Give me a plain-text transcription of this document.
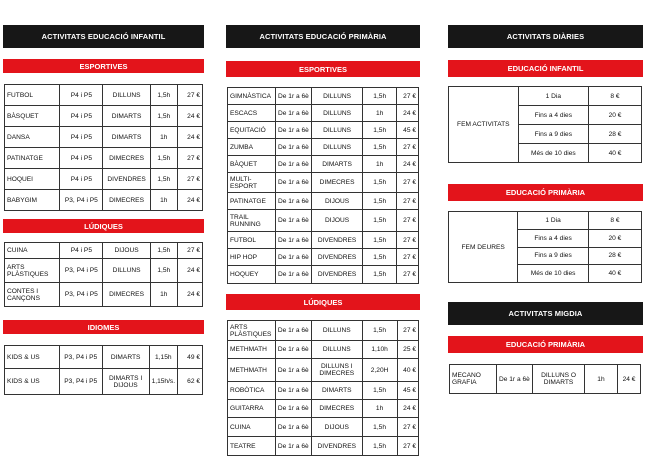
ACTIVITATS EDUCACIÓ INFANTIL
ESPORTIVES
FUTBOL	P4 i P5	DILLUNS	1,5h	27 €
BÀSQUET	P4 i P5	DIMARTS	1,5h	24 €
DANSA	P4 i P5	DIMARTS	1h	24 €
PATINATGE	P4 i P5	DIMECRES	1,5h	27 €
HOQUEI	P4 i P5	DIVENDRES	1,5h	27 €
BABYGIM	P3, P4 i P5	DIMECRES	1h	24 €
LÚDIQUES
CUINA	P4 i P5	DIJOUS	1,5h	27 €
ARTS PLÀSTIQUES	P3, P4 i P5	DILLUNS	1,5h	24 €
CONTES I CANÇONS	P3, P4 i P5	DIMECRES	1h	24 €
IDIOMES
KIDS & US	P3, P4 i P5	DIMARTS	1,15h	49 €
KIDS & US	P3, P4 i P5	DIMARTS I DIJOUS	1,15h/s.	62 €
ACTIVITATS EDUCACIÓ PRIMÀRIA
ESPORTIVES
GIMNÀSTICA	De 1r a 6è	DILLUNS	1,5h	27 €
ESCACS	De 1r a 6è	DILLUNS	1h	24 €
EQUITACIÓ	De 1r a 6è	DILLUNS	1,5h	45 €
ZUMBA	De 1r a 6è	DILLUNS	1,5h	27 €
BÀQUET	De 1r a 6è	DIMARTS	1h	24 €
MULTI-ESPORT	De 1r a 6è	DIMECRES	1,5h	27 €
PATINATGE	De 1r a 6è	DIJOUS	1,5h	27 €
TRAIL RUNNING	De 1r a 6è	DIJOUS	1,5h	27 €
FUTBOL	De 1r a 6è	DIVENDRES	1,5h	27 €
HIP HOP	De 1r a 6è	DIVENDRES	1,5h	27 €
HOQUEY	De 1r a 6è	DIVENDRES	1,5h	27 €
LÚDIQUES
ARTS PLÀSTIQUES	De 1r a 6è	DILLUNS	1,5h	27 €
METHMATH	De 1r a 6è	DILLUNS	1,10h	25 €
METHMATH	De 1r a 6è	DILLUNS I DIMECRES	2,20H	40 €
ROBÒTICA	De 1r a 6è	DIMARTS	1,5h	45 €
GUITARRA	De 1r a 6è	DIMECRES	1h	24 €
CUINA	De 1r a 6è	DIJOUS	1,5h	27 €
TEATRE	De 1r a 6è	DIVENDRES	1,5h	27 €
ACTIVITATS DIÀRIES
EDUCACIÓ INFANTIL
FEM ACTIVITATS	1 Dia	8 €
	Fins a 4 dies	20 €
	Fins a 9 dies	28 €
	Més de 10 dies	40 €
EDUCACIÓ PRIMÀRIA
FEM DEURES	1 Dia	8 €
	Fins a 4 dies	20 €
	Fins a 9 dies	28 €
	Més de 10 dies	40 €
ACTIVITATS MIGDIA
EDUCACIÓ PRIMÀRIA
MECANO GRAFIA	De 1r a 6è	DILLUNS O DIMARTS	1h	24 €
